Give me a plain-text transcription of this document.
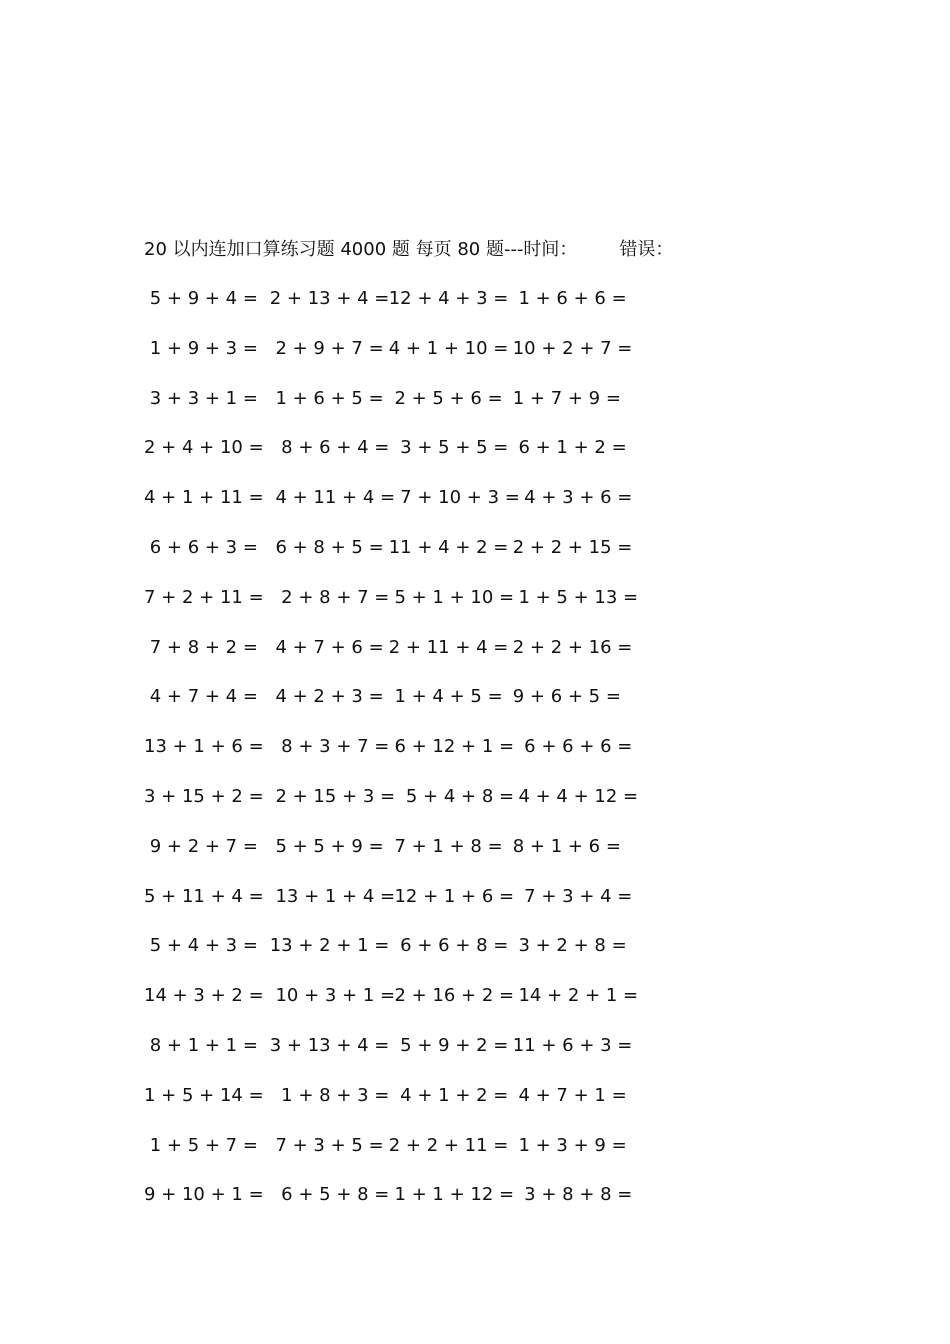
20 以内连加口算练习题 4000 题 每页 80 题---时间： 错误：
5 + 9 + 4 = 2 + 13 + 4 =
12 + 4 + 3 =
1 + 6 + 6 =
1 + 9 + 3 = 2 + 9 + 7 = 4 + 1 + 10 =
10 + 2 + 7 =
3 + 3 + 1 = 1 + 6 + 5 = 2 + 5 + 6 = 1 + 7 + 9 =
2 + 4 + 10 = 8 + 6 + 4 =
3 + 5 + 5 =
6 + 1 + 2 =
4 + 1 + 11 = 4 + 11 + 4 =
7 + 10 + 3 =
4 + 3 + 6 =
6 + 6 + 3 = 6 + 8 + 5 = 11 + 4 + 2 =
2 + 2 + 15 =
7 + 2 + 11 = 2 + 8 + 7 =
5 + 1 + 10 =
1 + 5 + 13 =
7 + 8 + 2 = 4 + 7 + 6 = 2 + 11 + 4 =
2 + 2 + 16 =
4 + 7 + 4 = 4 + 2 + 3 = 1 + 4 + 5 = 9 + 6 + 5 =
13 + 1 + 6 = 8 + 3 + 7 =
6 + 12 + 1 =
6 + 6 + 6 =
3 + 15 + 2 = 2 + 15 + 3 =
5 + 4 + 8 =
4 + 4 + 12 =
9 + 2 + 7 = 5 + 5 + 9 = 7 + 1 + 8 = 8 + 1 + 6 =
5 + 11 + 4 = 13 + 1 + 4 =
12 + 1 + 6 =
7 + 3 + 4 =
5 + 4 + 3 = 13 + 2 + 1 =
6 + 6 + 8 =
3 + 2 + 8 =
14 + 3 + 2 = 10 + 3 + 1 =
2 + 16 + 2 =
14 + 2 + 1 =
8 + 1 + 1 = 3 + 13 + 4 =
5 + 9 + 2 =
11 + 6 + 3 =
1 + 5 + 14 = 1 + 8 + 3 =
4 + 1 + 2 =
4 + 7 + 1 =
1 + 5 + 7 = 7 + 3 + 5 = 2 + 2 + 11 =
1 + 3 + 9 =
9 + 10 + 1 = 6 + 5 + 8 =
1 + 1 + 12 =
3 + 8 + 8 =
